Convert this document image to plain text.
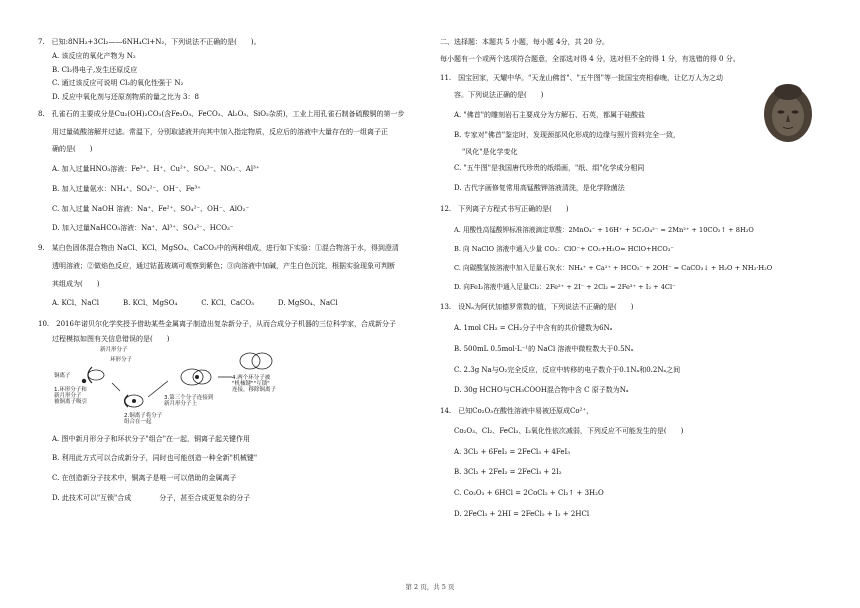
7.　已知:8NH₃+3Cl₂——6NH₄Cl+N₂，下列说法不正确的是(　　)。
A. 该反应的氧化产物为 N₂
B. Cl₂得电子,发生还原反应
C. 通过该反应可说明 Cl₂的氧化性强于 N₂
D. 反应中氧化剂与还原剂物质的量之比为 3：8
8.　孔雀石的主要成分是Cu₂(OH)₂CO₃(含Fe₂O₃、FeCO₃、Al₂O₃、SiO₂杂质)，工业上用孔雀石制备硫酸铜的第一步
用过量硫酸溶解并过滤。常温下，分别取滤液并向其中加入指定物质，反应后的溶液中大量存在的一组离子正
确的是(　　)
A. 加入过量HNO₃溶液：Fe³⁺、H⁺、Cu²⁺、SO₄²⁻、NO₃⁻、Al³⁺
B. 加入过量氨水：NH₄⁺、SO₄²⁻、OH⁻、Fe³⁺
C. 加入过量 NaOH 溶液：Na⁺、Fe²⁺、SO₄²⁻、OH⁻、AlO₂⁻
D. 加入过量NaHCO₃溶液：Na⁺、Al³⁺、SO₄²⁻、HCO₃⁻
9.　某白色固体混合物由 NaCl、KCl、MgSO₄、CaCO₃中的两种组成，进行如下实验：①混合物溶于水，得到澄清
透明溶液；②做焰色反应，通过钴蓝玻璃可观察到紫色；③向溶液中加碱，产生白色沉淀，根据实验现象可判断
其组成为(　　)
A. KCl、NaCl	B. KCl、MgSO₄	C. KCl、CaCO₃	D. MgSO₄、NaCl
10.　2016年诺贝尔化学奖授予借助某些金属离子制造出复杂新分子，从而合成分子机器的三位科学家，合成新分子
过程模拟如图有关信息错误的是(　　)
新月形分子
环形分子
铜离子
1.环形分子和
新月形分子
被铜离子吸引
2.铜离子将分子
组合在一起
3.第三个分子连接到
新月形分子上
4.两个环分子被
"机械键""互锁"
连接，移除铜离子
A. 图中新月形分子和环状分子"组合"在一起，铜离子起关键作用
B. 利用此方式可以合成新分子，同时也可能创造一种全新"机械键"
C. 在创造新分子技术中，铜离子是唯一可以借助的金属离子
D. 此技术可以"互锁"合成　　　　分子，甚至合成更复杂的分子
二、选择题：本题共 5 小题，每小题 4分，共 20 分。
每小题有一个或两个选项符合题意，全部选对得 4 分，选对但不全的得 1 分，有选错的得 0 分。
11.　国宝回家，天耀中华。"天龙山佛首"、"五牛图"等一批国宝亮相春晚，让亿万人为之动
容。下列说法正确的是(　　)
A. "佛首"的雕刻岩石主要成分为方解石、石英，都属于硅酸盐
B. 专家对"佛首"鉴定时，发现颈部风化形成的边缘与照片资料完全一致，
"风化"是化学变化
C. "五牛图"是我国唐代珍贵的纸绢画，"纸、绢"化学成分相同
D. 古代字画修复常用高锰酸钾溶液清洗，是化学除菌法
12.　下列离子方程式书写正确的是(　　)
A. 用酸性高锰酸钾标准溶液滴定草酸：2MnO₄⁻ + 16H⁺ + 5C₂O₄²⁻ = 2Mn²⁺ + 10CO₂↑ + 8H₂O
B. 向 NaClO 溶液中通入少量 CO₂：ClO⁻+ CO₂+H₂O= HClO+HCO₃⁻
C. 向碳酸氢铵溶液中加入足量石灰水：NH₄⁺ + Ca²⁺ + HCO₃⁻ + 2OH⁻ = CaCO₃↓ + H₂O + NH₃·H₂O
D. 向FeI₂溶液中通入足量Cl₂：2Fe²⁺ + 2I⁻ + 2Cl₂ = 2Fe³⁺ + I₂ + 4Cl⁻
13.　设Nₐ为阿伏加德罗常数的值，下列说法不正确的是(　　)
A. 1mol CH₂ = CH₂分子中含有的共价键数为6Nₐ
B. 500mL 0.5mol·L⁻¹的 NaCl 溶液中微粒数大于0.5Nₐ
C. 2.3g Na与O₂完全反应，反应中转移的电子数介于0.1Nₐ和0.2Nₐ之间
D. 30g HCHO与CH₃COOH混合物中含 C 原子数为Nₐ
14.　已知Co₂O₃在酸性溶液中易被还原成Co²⁺，
Co₂O₃、Cl₂、FeCl₃、I₂氧化性依次减弱，下列反应不可能发生的是(　　)
A. 3Cl₂ + 6FeI₂ = 2FeCl₃ + 4FeI₃
B. 3Cl₂ + 2FeI₂ = 2FeCl₃ + 2I₂
C. Co₂O₃ + 6HCl = 2CoCl₂ + Cl₂↑ + 3H₂O
D. 2FeCl₃ + 2HI = 2FeCl₂ + I₂ + 2HCl
第 2 页，共 5 页
